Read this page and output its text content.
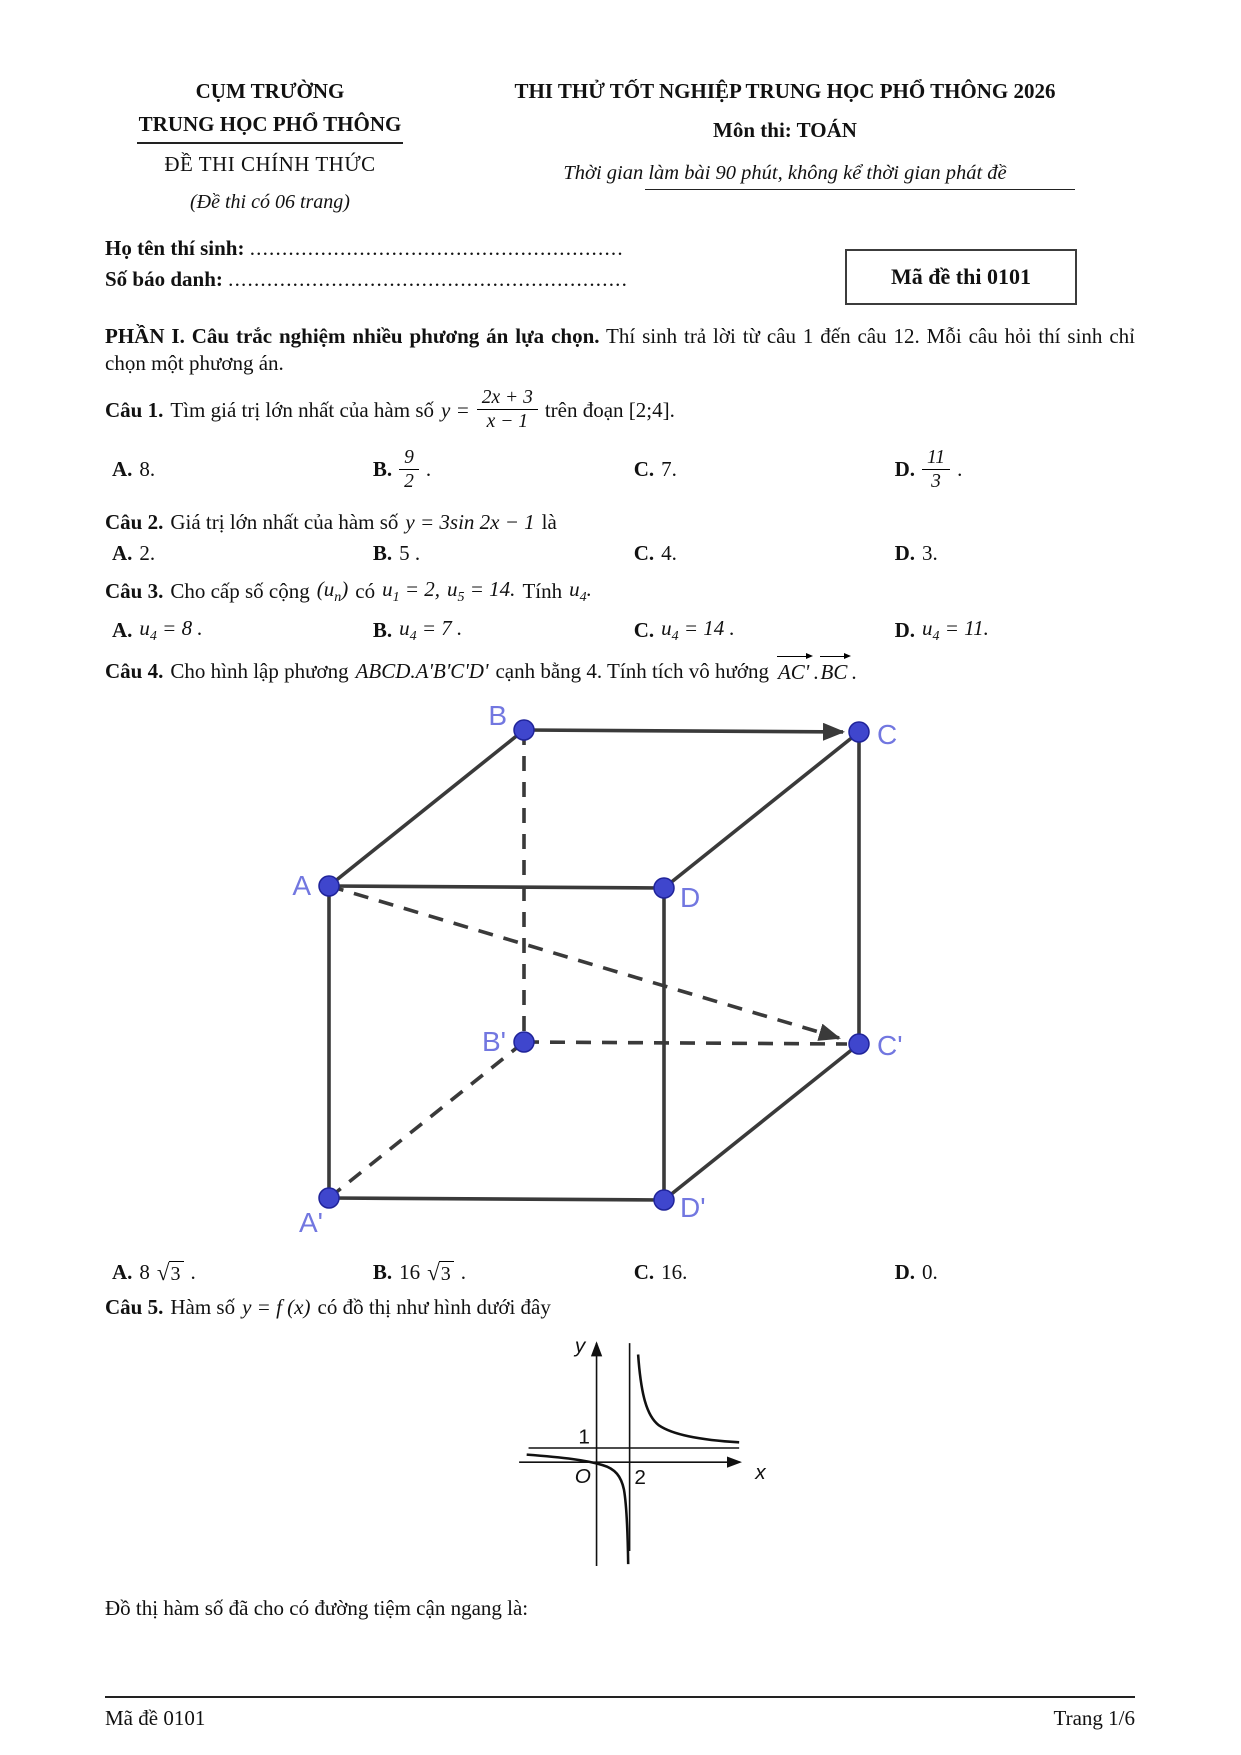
CỤM TRƯỜNG
TRUNG HỌC PHỔ THÔNG
ĐỀ THI CHÍNH THỨC
(Đề thi có 06 trang)
THI THỬ TỐT NGHIỆP TRUNG HỌC PHỔ THÔNG 2026
Môn thi: TOÁN
Thời gian làm bài 90 phút, không kể thời gian phát đề
Họ tên thí sinh: ..........................................................
Số báo danh: ..............................................................	Mã đề thi 0101
PHẦN I. Câu trắc nghiệm nhiều phương án lựa chọn. Thí sinh trả lời từ câu 1 đến câu 12. Mỗi câu hỏi thí sinh chỉ chọn một phương án.
Câu 1. Tìm giá trị lớn nhất của hàm số $y = \frac{2x + 3}{x - 1}$ trên đoạn [2;4].
A. 8.	B. $\frac{9}{2}$ .	C. 7.	D. $\frac{11}{3}$ .
Câu 2. Giá trị lớn nhất của hàm số y = 3sin 2x − 1 là
A. 2.	B. 5 .	C. 4.	D. 3.
Câu 3. Cho cấp số cộng $(u_n)$ có $u_1 = 2$, $u_5 = 14$. Tính $u_4$.
A. $u_4 = 8$ .	B. $u_4 = 7$ .	C. $u_4 = 14$ .	D. $u_4 = 11$.
Câu 4. Cho hình lập phương ABCD.A'B'C'D' cạnh bằng 4. Tính tích vô hướng AC' .BC .
A
B
C
D
A'
B'	C'
D'
A. 8 √ 3 .	B. 16 √ 3 .	C. 16.	D. 0.
Câu 5. Hàm số y = f (x) có đồ thị như hình dưới đây
y
x
1
O 2
Đồ thị hàm số đã cho có đường tiệm cận ngang là:
Mã đề 0101	Trang 1/6
